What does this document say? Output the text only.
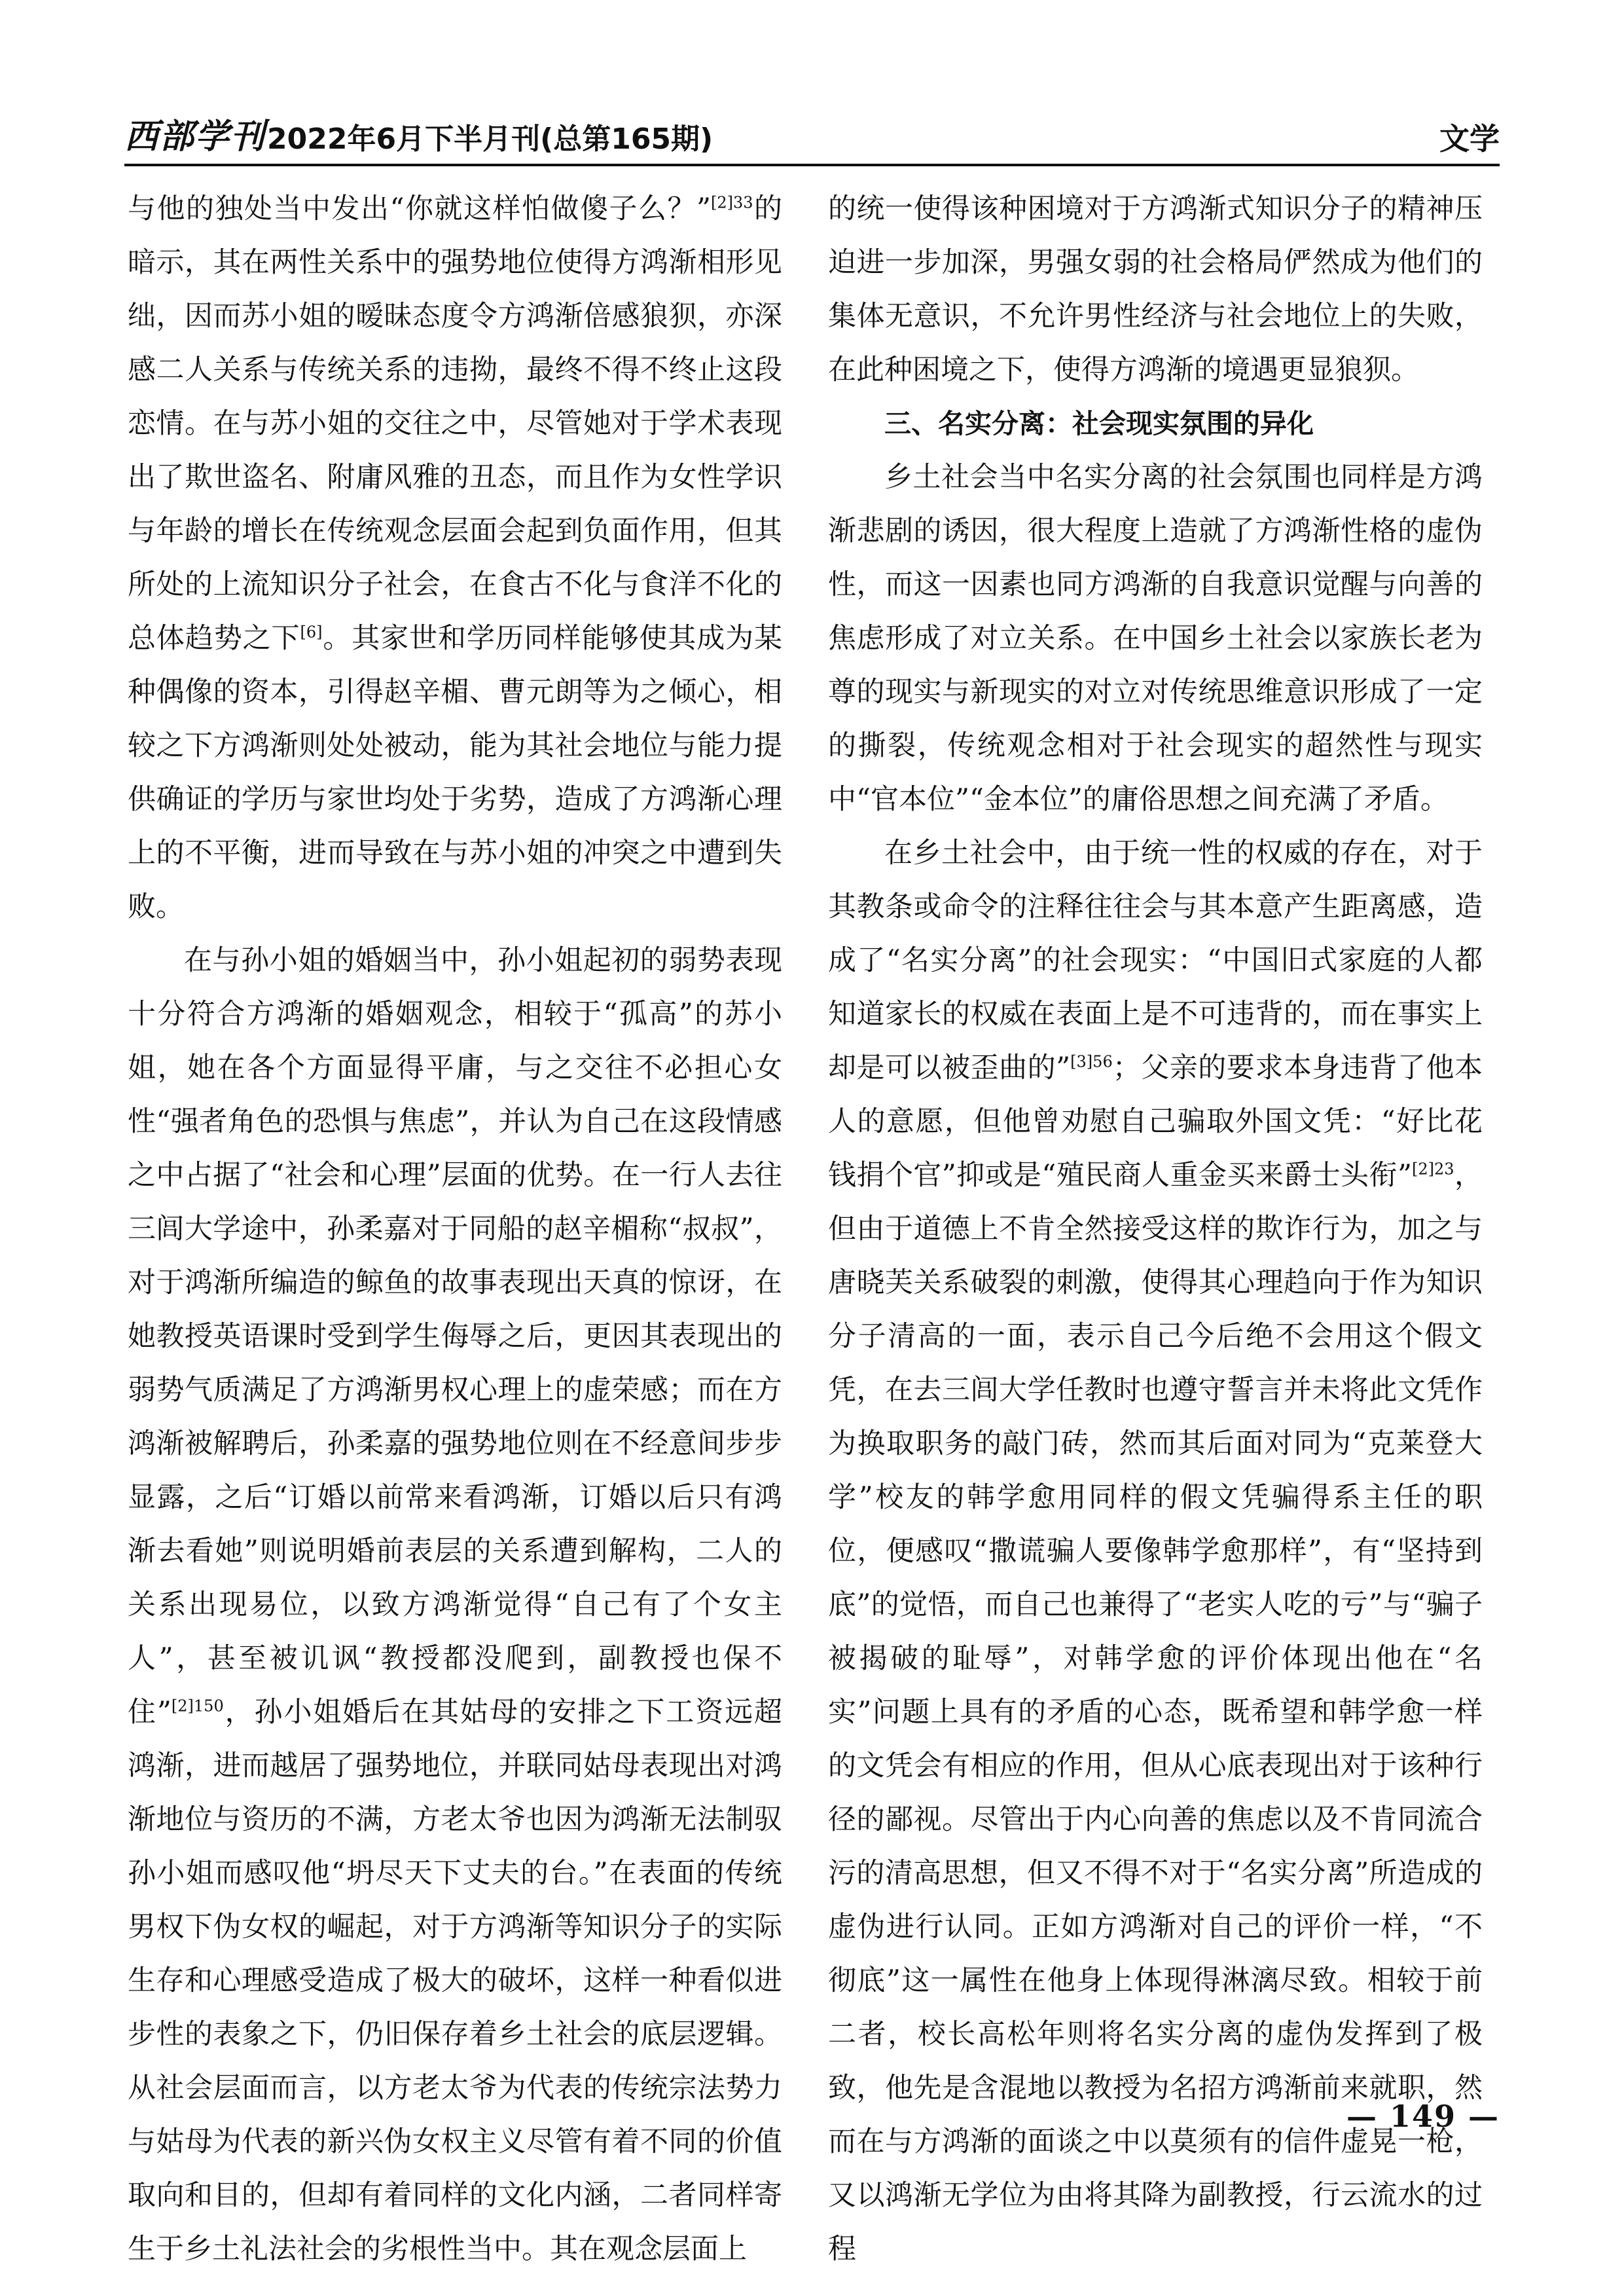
西部学刊 2022年6月下半月刊(总第165期)	文学

与他的独处当中发出“你就这样怕做傻子么？”$^{[2]33}$的暗示，其在两性关系中的强势地位使得方鸿渐相形见绌，因而苏小姐的暧昧态度令方鸿渐倍感狼狈，亦深感二人关系与传统关系的违拗，最终不得不终止这段恋情。在与苏小姐的交往之中，尽管她对于学术表现出了欺世盗名、附庸风雅的丑态，而且作为女性学识与年龄的增长在传统观念层面会起到负面作用，但其所处的上流知识分子社会，在食古不化与食洋不化的总体趋势之下[6]。其家世和学历同样能够使其成为某种偶像的资本，引得赵辛楣、曹元朗等为之倾心，相较之下方鸿渐则处处被动，能为其社会地位与能力提供确证的学历与家世均处于劣势，造成了方鸿渐心理上的不平衡，进而导致在与苏小姐的冲突之中遭到失败。

在与孙小姐的婚姻当中，孙小姐起初的弱势表现十分符合方鸿渐的婚姻观念，相较于“孤高”的苏小姐，她在各个方面显得平庸，与之交往不必担心女性“强者角色的恐惧与焦虑”，并认为自己在这段情感之中占据了“社会和心理”层面的优势。在一行人去往三闾大学途中，孙柔嘉对于同船的赵辛楣称“叔叔”，对于鸿渐所编造的鲸鱼的故事表现出天真的惊讶，在她教授英语课时受到学生侮辱之后，更因其表现出的弱势气质满足了方鸿渐男权心理上的虚荣感；而在方鸿渐被解聘后，孙柔嘉的强势地位则在不经意间步步显露，之后“订婚以前常来看鸿渐，订婚以后只有鸿渐去看她”则说明婚前表层的关系遭到解构，二人的关系出现易位，以致方鸿渐觉得“自己有了个女主人”，甚至被讥讽“教授都没爬到，副教授也保不住”$^{[2]150}$，孙小姐婚后在其姑母的安排之下工资远超鸿渐，进而越居了强势地位，并联同姑母表现出对鸿渐地位与资历的不满，方老太爷也因为鸿渐无法制驭孙小姐而感叹他“坍尽天下丈夫的台。”在表面的传统男权下伪女权的崛起，对于方鸿渐等知识分子的实际生存和心理感受造成了极大的破坏，这样一种看似进步性的表象之下，仍旧保存着乡土社会的底层逻辑。从社会层面而言，以方老太爷为代表的传统宗法势力与姑母为代表的新兴伪女权主义尽管有着不同的价值取向和目的，但却有着同样的文化内涵，二者同样寄生于乡土礼法社会的劣根性当中。其在观念层面上

的统一使得该种困境对于方鸿渐式知识分子的精神压迫进一步加深，男强女弱的社会格局俨然成为他们的集体无意识，不允许男性经济与社会地位上的失败，在此种困境之下，使得方鸿渐的境遇更显狼狈。

三、名实分离：社会现实氛围的异化

乡土社会当中名实分离的社会氛围也同样是方鸿渐悲剧的诱因，很大程度上造就了方鸿渐性格的虚伪性，而这一因素也同方鸿渐的自我意识觉醒与向善的焦虑形成了对立关系。在中国乡土社会以家族长老为尊的现实与新现实的对立对传统思维意识形成了一定的撕裂，传统观念相对于社会现实的超然性与现实中“官本位”“金本位”的庸俗思想之间充满了矛盾。

在乡土社会中，由于统一性的权威的存在，对于其教条或命令的注释往往会与其本意产生距离感，造成了“名实分离”的社会现实：“中国旧式家庭的人都知道家长的权威在表面上是不可违背的，而在事实上却是可以被歪曲的”$^{[3]56}$；父亲的要求本身违背了他本人的意愿，但他曾劝慰自己骗取外国文凭：“好比花钱捐个官”抑或是“殖民商人重金买来爵士头衔”$^{[2]23}$，但由于道德上不肯全然接受这样的欺诈行为，加之与唐晓芙关系破裂的刺激，使得其心理趋向于作为知识分子清高的一面，表示自己今后绝不会用这个假文凭，在去三闾大学任教时也遵守誓言并未将此文凭作为换取职务的敲门砖，然而其后面对同为“克莱登大学”校友的韩学愈用同样的假文凭骗得系主任的职位，便感叹“撒谎骗人要像韩学愈那样”，有“坚持到底”的觉悟，而自己也兼得了“老实人吃的亏”与“骗子被揭破的耻辱”，对韩学愈的评价体现出他在“名实”问题上具有的矛盾的心态，既希望和韩学愈一样的文凭会有相应的作用，但从心底表现出对于该种行径的鄙视。尽管出于内心向善的焦虑以及不肯同流合污的清高思想，但又不得不对于“名实分离”所造成的虚伪进行认同。正如方鸿渐对自己的评价一样，“不彻底”这一属性在他身上体现得淋漓尽致。相较于前二者，校长高松年则将名实分离的虚伪发挥到了极致，他先是含混地以教授为名招方鸿渐前来就职，然而在与方鸿渐的面谈之中以莫须有的信件虚晃一枪，又以鸿渐无学位为由将其降为副教授，行云流水的过程

— 149 —
